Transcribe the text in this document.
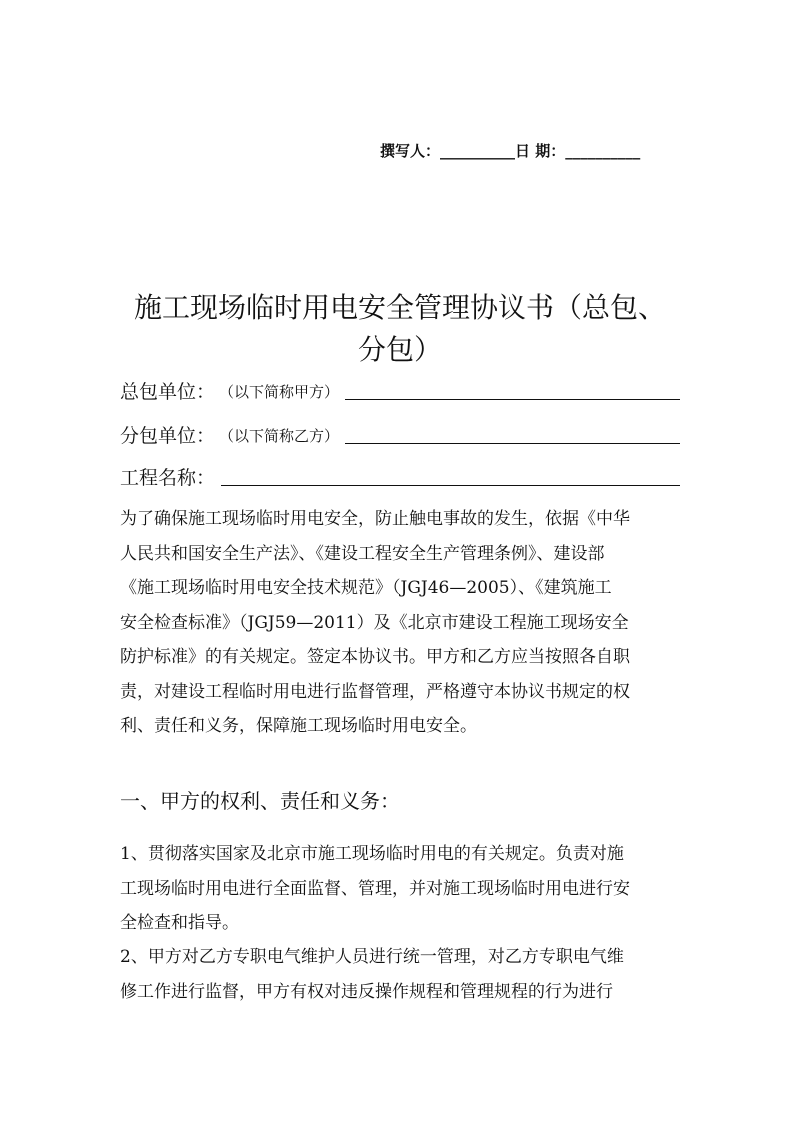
撰写人：__________日 期：__________
施工现场临时用电安全管理协议书（总包、
分包）
总包单位： （以下简称甲方）
分包单位： （以下简称乙方）
工程名称：
为了确保施工现场临时用电安全，防止触电事故的发生，依据《中华
人民共和国安全生产法》、《建设工程安全生产管理条例》、建设部
《施工现场临时用电安全技术规范》（JGJ46—2005）、《建筑施工
安全检查标准》（JGJ59—2011）及《北京市建设工程施工现场安全
防护标准》的有关规定。签定本协议书。甲方和乙方应当按照各自职
责，对建设工程临时用电进行监督管理，严格遵守本协议书规定的权
利、责任和义务，保障施工现场临时用电安全。
一、甲方的权利、责任和义务：
1、贯彻落实国家及北京市施工现场临时用电的有关规定。负责对施
工现场临时用电进行全面监督、管理，并对施工现场临时用电进行安
全检查和指导。
2、甲方对乙方专职电气维护人员进行统一管理，对乙方专职电气维
修工作进行监督，甲方有权对违反操作规程和管理规程的行为进行
